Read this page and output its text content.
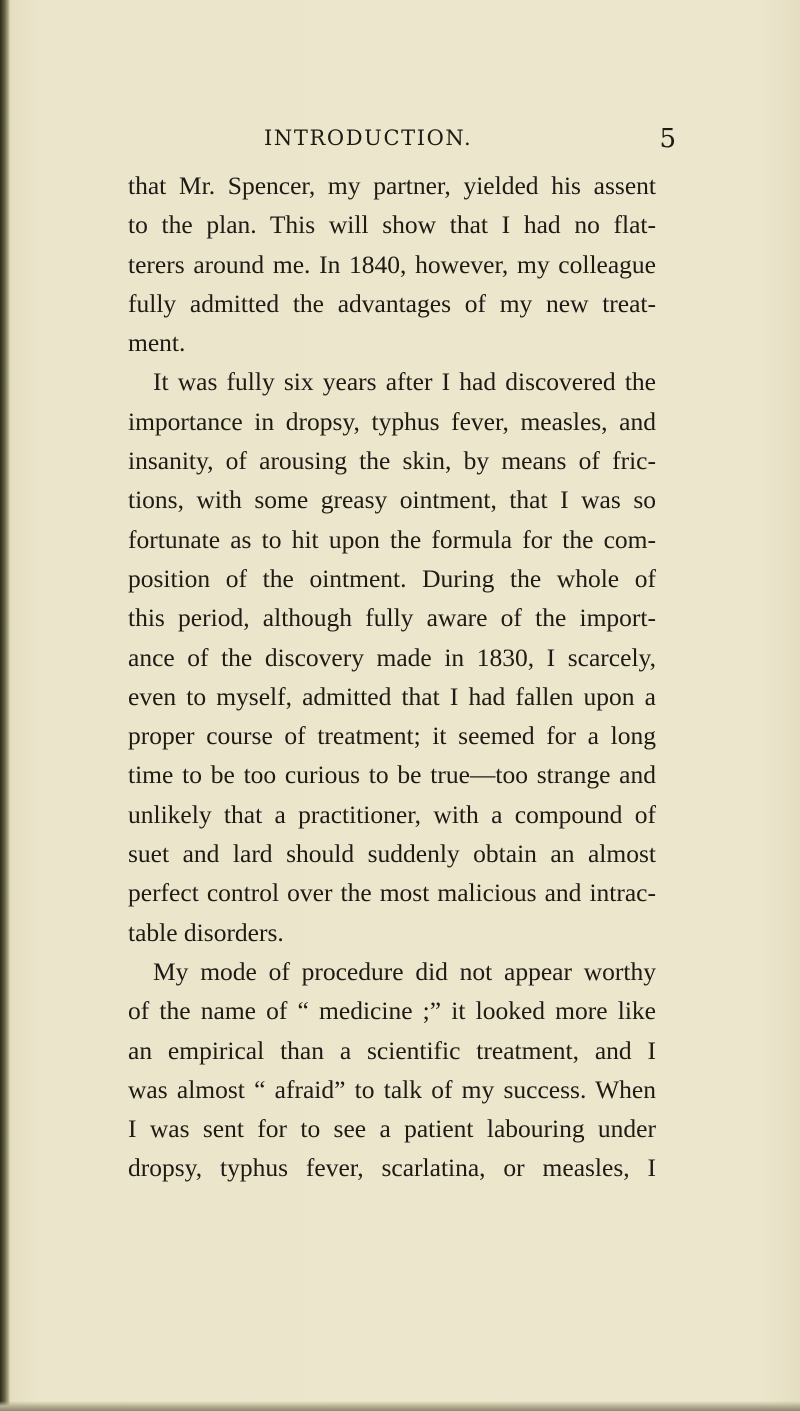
INTRODUCTION.	5
that Mr. Spencer, my partner, yielded his assent
to the plan. This will show that I had no flat-
terers around me. In 1840, however, my colleague
fully admitted the advantages of my new treat-
ment.
It was fully six years after I had discovered the
importance in dropsy, typhus fever, measles, and
insanity, of arousing the skin, by means of fric-
tions, with some greasy ointment, that I was so
fortunate as to hit upon the formula for the com-
position of the ointment. During the whole of
this period, although fully aware of the import-
ance of the discovery made in 1830, I scarcely,
even to myself, admitted that I had fallen upon a
proper course of treatment; it seemed for a long
time to be too curious to be true—too strange and
unlikely that a practitioner, with a compound of
suet and lard should suddenly obtain an almost
perfect control over the most malicious and intrac-
table disorders.
My mode of procedure did not appear worthy
of the name of “ medicine ;” it looked more like
an empirical than a scientific treatment, and I
was almost “ afraid” to talk of my success. When
I was sent for to see a patient labouring under
dropsy, typhus fever, scarlatina, or measles, I
